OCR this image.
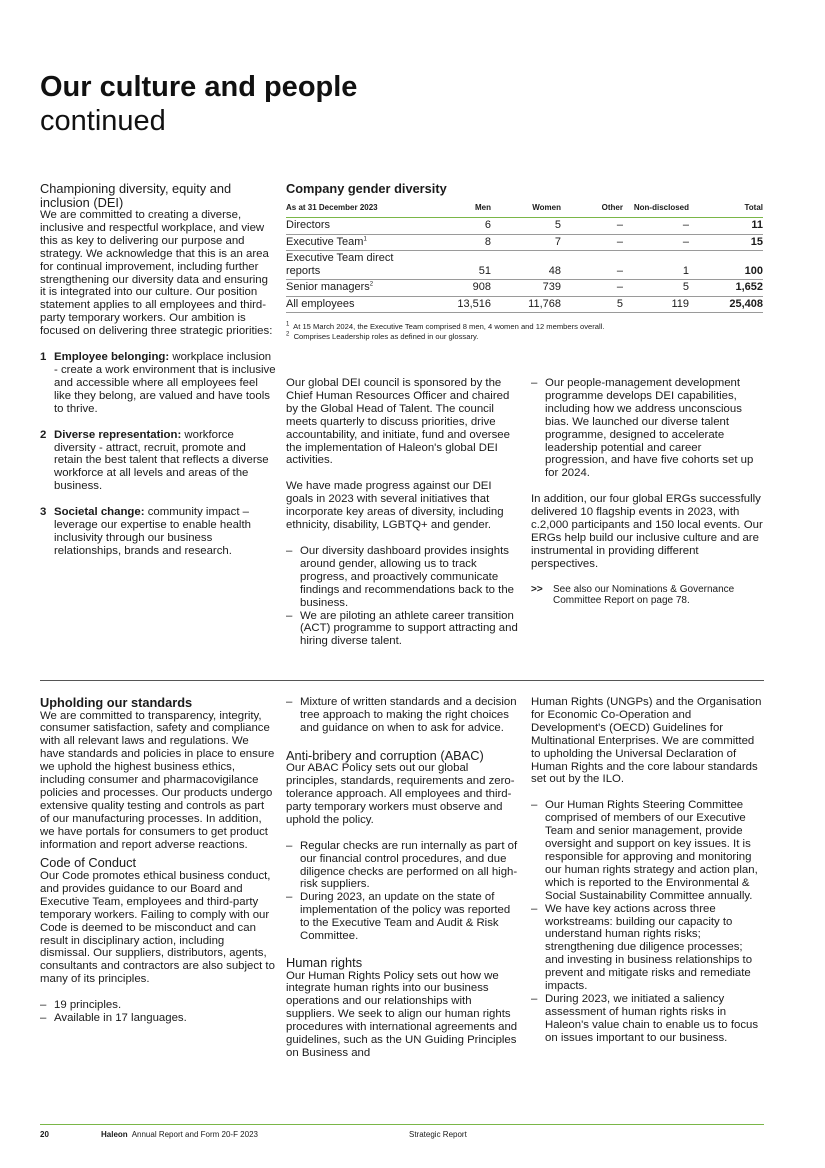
Our culture and people
continued

Championing diversity, equity and inclusion (DEI)

We are committed to creating a diverse, inclusive and respectful workplace, and view this as key to delivering our purpose and strategy. We acknowledge that this is an area for continual improvement, including further strengthening our diversity data and ensuring it is integrated into our culture. Our position statement applies to all employees and third-party temporary workers. Our ambition is focused on delivering three strategic priorities:

1 Employee belonging: workplace inclusion - create a work environment that is inclusive and accessible where all employees feel like they belong, are valued and have tools to thrive.
2 Diverse representation: workforce diversity - attract, recruit, promote and retain the best talent that reflects a diverse workforce at all levels and areas of the business.
3 Societal change: community impact – leverage our expertise to enable health inclusivity through our business relationships, brands and research.

Company gender diversity

As at 31 December 2023	Men	Women	Other	Non-disclosed	Total
Directors	6	5	–	–	11
Executive Team$^1$	8	7	–	–	15
Executive Team direct reports	51	48	–	1	100
Senior managers$^2$	908	739	–	5	1,652
All employees	13,516	11,768	5	119	25,408
$^1$ At 15 March 2024, the Executive Team comprised 8 men, 4 women and 12 members overall.
$^2$ Comprises Leadership roles as defined in our glossary.

Our global DEI council is sponsored by the Chief Human Resources Officer and chaired by the Global Head of Talent. The council meets quarterly to discuss priorities, drive accountability, and initiate, fund and oversee the implementation of Haleon's global DEI activities.

We have made progress against our DEI goals in 2023 with several initiatives that incorporate key areas of diversity, including ethnicity, disability, LGBTQ+ and gender.

– Our diversity dashboard provides insights around gender, allowing us to track progress, and proactively communicate findings and recommendations back to the business.
– We are piloting an athlete career transition (ACT) programme to support attracting and hiring diverse talent.
– Our people-management development programme develops DEI capabilities, including how we address unconscious bias. We launched our diverse talent programme, designed to accelerate leadership potential and career progression, and have five cohorts set up for 2024.

In addition, our four global ERGs successfully delivered 10 flagship events in 2023, with c.2,000 participants and 150 local events. Our ERGs help build our inclusive culture and are instrumental in providing different perspectives.

>> See also our Nominations & Governance Committee Report on page 78.

Upholding our standards

We are committed to transparency, integrity, consumer satisfaction, safety and compliance with all relevant laws and regulations. We have standards and policies in place to ensure we uphold the highest business ethics, including consumer and pharmacovigilance policies and processes. Our products undergo extensive quality testing and controls as part of our manufacturing processes. In addition, we have portals for consumers to get product information and report adverse reactions.

Code of Conduct

Our Code promotes ethical business conduct, and provides guidance to our Board and Executive Team, employees and third-party temporary workers. Failing to comply with our Code is deemed to be misconduct and can result in disciplinary action, including dismissal. Our suppliers, distributors, agents, consultants and contractors are also subject to many of its principles.

– 19 principles.
– Available in 17 languages.
– Mixture of written standards and a decision tree approach to making the right choices and guidance on when to ask for advice.

Anti-bribery and corruption (ABAC)

Our ABAC Policy sets out our global principles, standards, requirements and zero-tolerance approach. All employees and third-party temporary workers must observe and uphold the policy.

– Regular checks are run internally as part of our financial control procedures, and due diligence checks are performed on all high-risk suppliers.
– During 2023, an update on the state of implementation of the policy was reported to the Executive Team and Audit & Risk Committee.

Human rights

Our Human Rights Policy sets out how we integrate human rights into our business operations and our relationships with suppliers. We seek to align our human rights procedures with international agreements and guidelines, such as the UN Guiding Principles on Business and

Human Rights (UNGPs) and the Organisation for Economic Co-Operation and Development's (OECD) Guidelines for Multinational Enterprises. We are committed to upholding the Universal Declaration of Human Rights and the core labour standards set out by the ILO.

– Our Human Rights Steering Committee comprised of members of our Executive Team and senior management, provide oversight and support on key issues. It is responsible for approving and monitoring our human rights strategy and action plan, which is reported to the Environmental & Social Sustainability Committee annually.
– We have key actions across three workstreams: building our capacity to understand human rights risks; strengthening due diligence processes; and investing in business relationships to prevent and mitigate risks and remediate impacts.
– During 2023, we initiated a saliency assessment of human rights risks in Haleon's value chain to enable us to focus on issues important to our business.
20	Haleon Annual Report and Form 20-F 2023	Strategic Report
